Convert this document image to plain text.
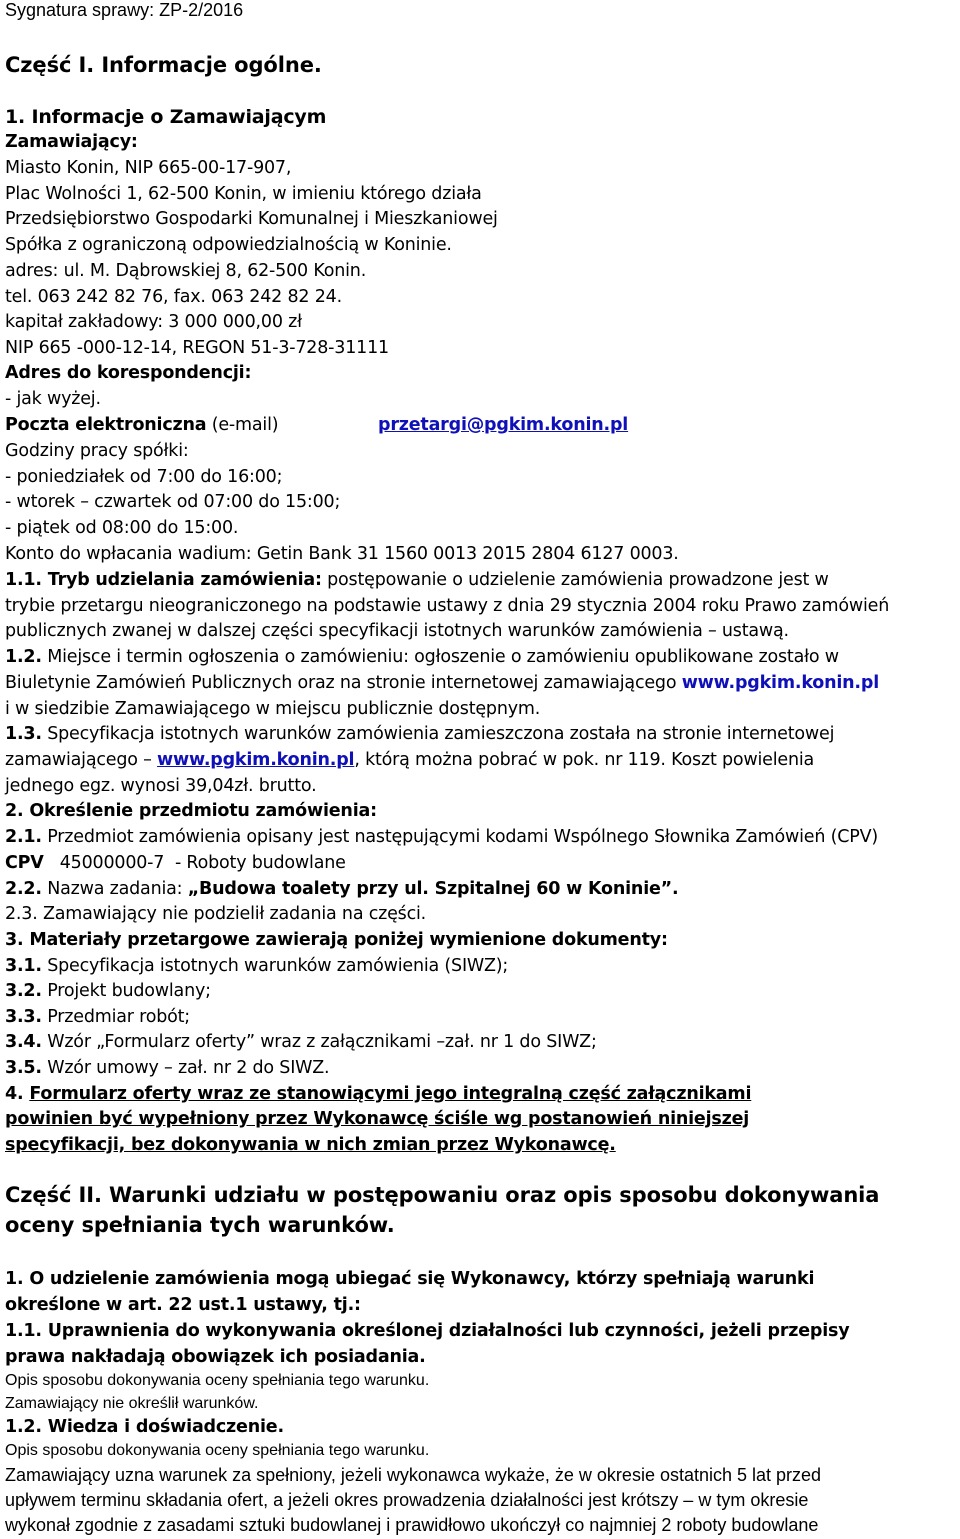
Sygnatura sprawy: ZP-2/2016
Część I. Informacje ogólne.
1. Informacje o Zamawiającym
Zamawiający:
Miasto Konin, NIP 665-00-17-907,
Plac Wolności 1, 62-500 Konin, w imieniu którego działa
Przedsiębiorstwo Gospodarki Komunalnej i Mieszkaniowej
Spółka z ograniczoną odpowiedzialnością w Koninie.
adres: ul. M. Dąbrowskiej 8, 62-500 Konin.
tel. 063 242 82 76, fax. 063 242 82 24.
kapitał zakładowy: 3 000 000,00 zł
NIP 665 -000-12-14, REGON 51-3-728-31111
Adres do korespondencji:
- jak wyżej.
Poczta elektroniczna (e-mail)	przetargi@pgkim.konin.pl
Godziny pracy spółki:
- poniedziałek od 7:00 do 16:00;
- wtorek – czwartek od 07:00 do 15:00;
- piątek od 08:00 do 15:00.
Konto do wpłacania wadium: Getin Bank 31 1560 0013 2015 2804 6127 0003.
1.1. Tryb udzielania zamówienia: postępowanie o udzielenie zamówienia prowadzone jest w
trybie przetargu nieograniczonego na podstawie ustawy z dnia 29 stycznia 2004 roku Prawo zamówień
publicznych zwanej w dalszej części specyfikacji istotnych warunków zamówienia – ustawą.
1.2. Miejsce i termin ogłoszenia o zamówieniu: ogłoszenie o zamówieniu opublikowane zostało w
Biuletynie Zamówień Publicznych oraz na stronie internetowej zamawiającego www.pgkim.konin.pl
i w siedzibie Zamawiającego w miejscu publicznie dostępnym.
1.3. Specyfikacja istotnych warunków zamówienia zamieszczona została na stronie internetowej
zamawiającego – www.pgkim.konin.pl, którą można pobrać w pok. nr 119. Koszt powielenia
jednego egz. wynosi 39,04zł. brutto.
2. Określenie przedmiotu zamówienia:
2.1. Przedmiot zamówienia opisany jest następującymi kodami Wspólnego Słownika Zamówień (CPV)
CPV   45000000-7  - Roboty budowlane
2.2. Nazwa zadania: „Budowa toalety przy ul. Szpitalnej 60 w Koninie”.
2.3. Zamawiający nie podzielił zadania na części.
3. Materiały przetargowe zawierają poniżej wymienione dokumenty:
3.1. Specyfikacja istotnych warunków zamówienia (SIWZ);
3.2. Projekt budowlany;
3.3. Przedmiar robót;
3.4. Wzór „Formularz oferty” wraz z załącznikami –zał. nr 1 do SIWZ;
3.5. Wzór umowy – zał. nr 2 do SIWZ.
4. Formularz oferty wraz ze stanowiącymi jego integralną część załącznikami
powinien być wypełniony przez Wykonawcę ściśle wg postanowień niniejszej
specyfikacji, bez dokonywania w nich zmian przez Wykonawcę.
Część II. Warunki udziału w postępowaniu oraz opis sposobu dokonywania
oceny spełniania tych warunków.
1. O udzielenie zamówienia mogą ubiegać się Wykonawcy, którzy spełniają warunki
określone w art. 22 ust.1 ustawy, tj.:
1.1. Uprawnienia do wykonywania określonej działalności lub czynności, jeżeli przepisy
prawa nakładają obowiązek ich posiadania.
Opis sposobu dokonywania oceny spełniania tego warunku.
Zamawiający nie określił warunków.
1.2. Wiedza i doświadczenie.
Opis sposobu dokonywania oceny spełniania tego warunku.
Zamawiający uzna warunek za spełniony, jeżeli wykonawca wykaże, że w okresie ostatnich 5 lat przed
upływem terminu składania ofert, a jeżeli okres prowadzenia działalności jest krótszy – w tym okresie
wykonał zgodnie z zasadami sztuki budowlanej i prawidłowo ukończył co najmniej 2 roboty budowlane
